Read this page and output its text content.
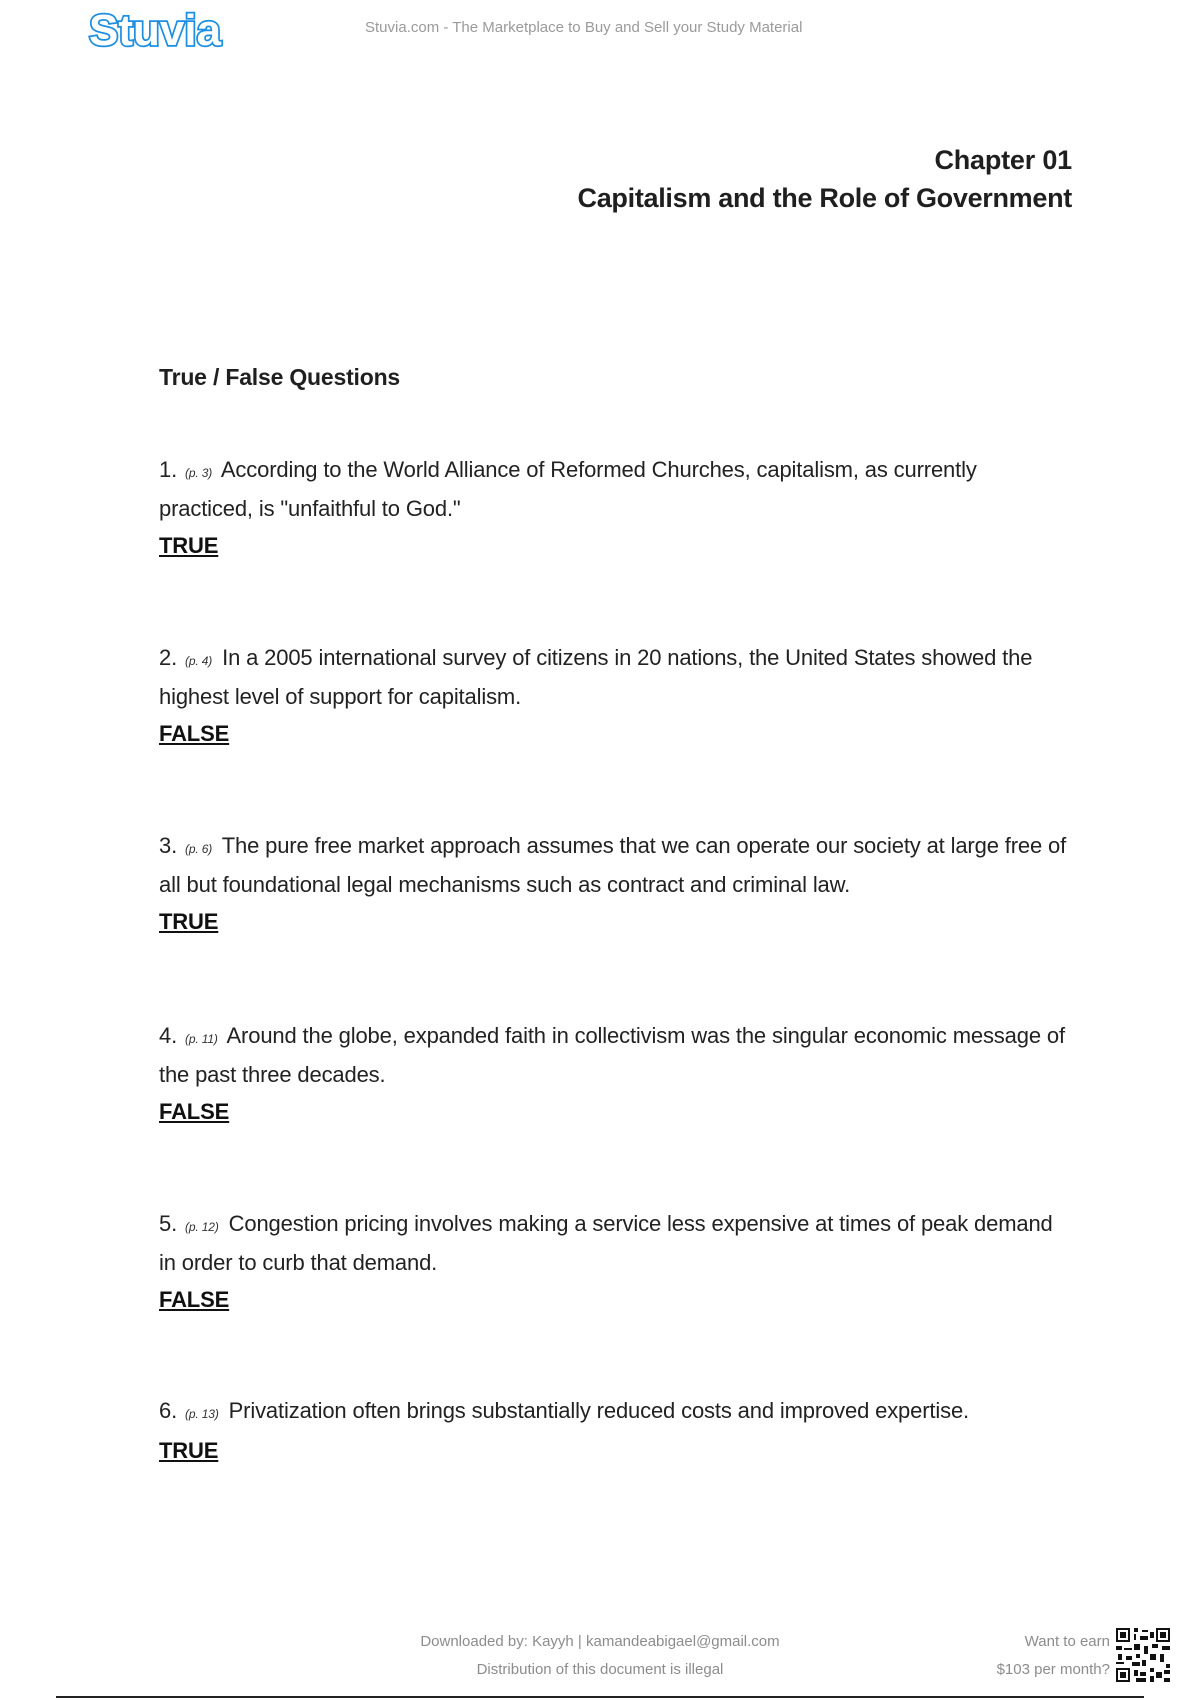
Stuvia	Stuvia.com - The Marketplace to Buy and Sell your Study Material
Chapter 01
Capitalism and the Role of Government
True / False Questions
1. (p. 3) According to the World Alliance of Reformed Churches, capitalism, as currently practiced, is "unfaithful to God."
TRUE
2. (p. 4) In a 2005 international survey of citizens in 20 nations, the United States showed the highest level of support for capitalism.
FALSE
3. (p. 6) The pure free market approach assumes that we can operate our society at large free of all but foundational legal mechanisms such as contract and criminal law.
TRUE
4. (p. 11) Around the globe, expanded faith in collectivism was the singular economic message of the past three decades.
FALSE
5. (p. 12) Congestion pricing involves making a service less expensive at times of peak demand in order to curb that demand.
FALSE
6. (p. 13) Privatization often brings substantially reduced costs and improved expertise.
TRUE
Downloaded by: Kayyh | kamandeabigael@gmail.com
Distribution of this document is illegal
Want to earn
$103 per month?
